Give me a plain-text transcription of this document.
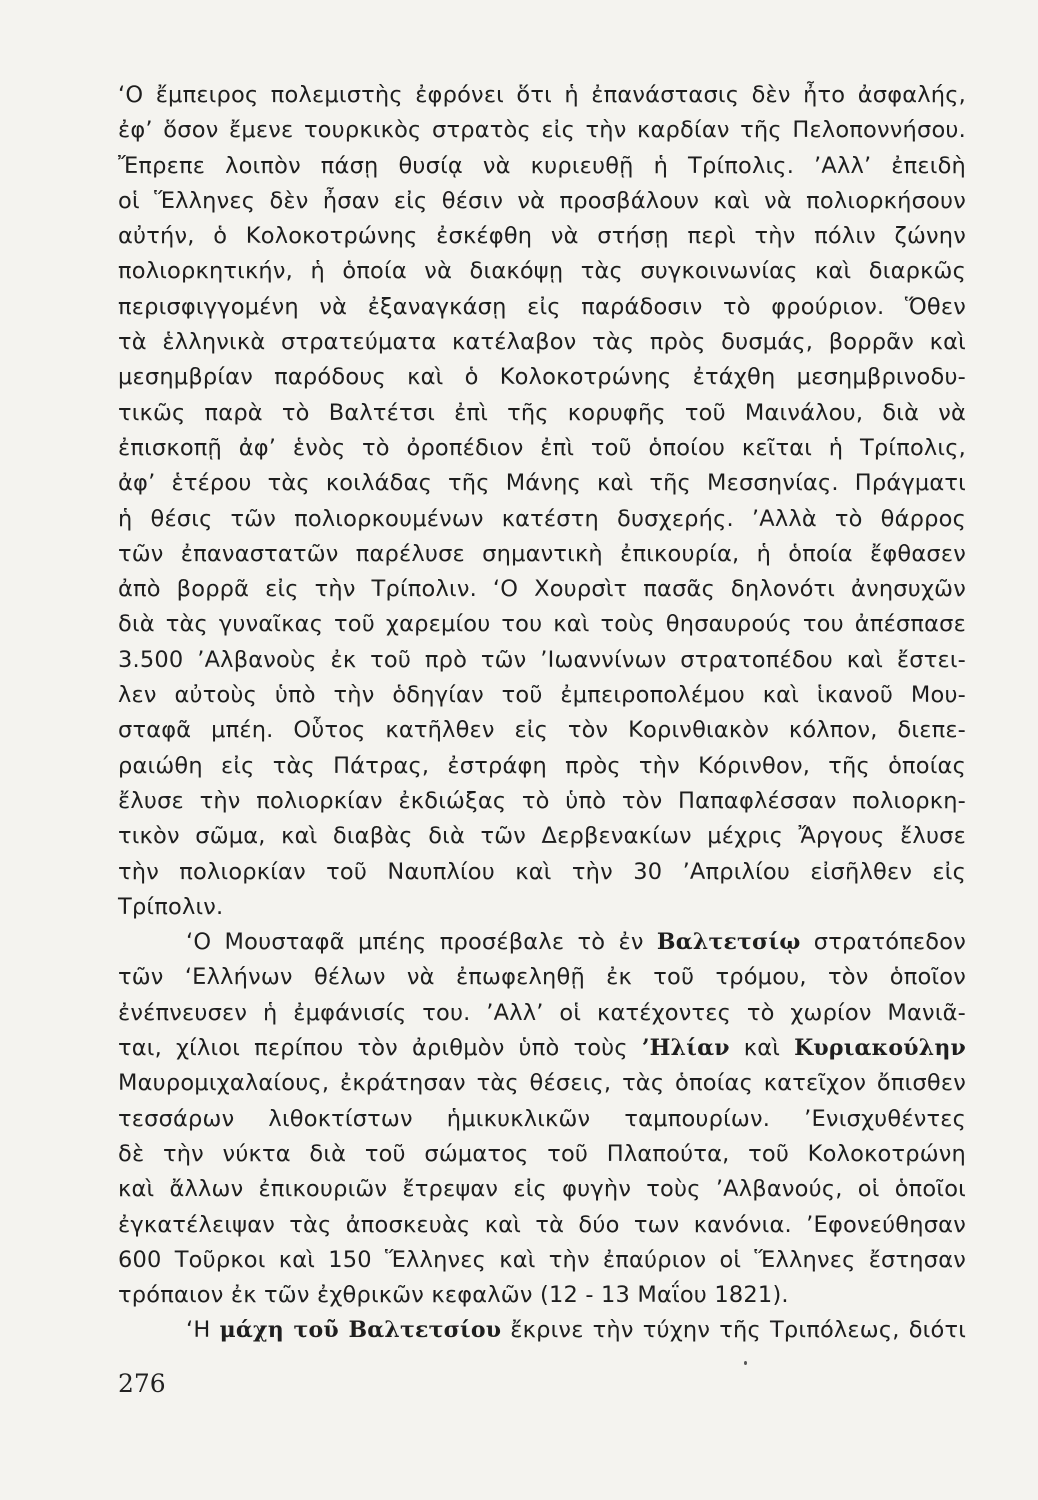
‘Ο ἔμπειρος πολεμιστὴς ἐφρόνει ὅτι ἡ ἐπανάστασις δὲν ἦτο ἀσφαλής,
ἐφ’ ὅσον ἔμενε τουρκικὸς στρατὸς εἰς τὴν καρδίαν τῆς Πελοποννήσου.
Ἔπρεπε λοιπὸν πάσῃ θυσίᾳ νὰ κυριευθῇ ἡ Τρίπολις. ’Αλλ’ ἐπειδὴ
οἱ Ἕλληνες δὲν ἦσαν εἰς θέσιν νὰ προσβάλουν καὶ νὰ πολιορκήσουν
αὐτήν, ὁ Κολοκοτρώνης ἐσκέφθη νὰ στήσῃ περὶ τὴν πόλιν ζώνην
πολιορκητικήν, ἡ ὁποία νὰ διακόψῃ τὰς συγκοινωνίας καὶ διαρκῶς
περισφιγγομένη νὰ ἐξαναγκάσῃ εἰς παράδοσιν τὸ φρούριον. Ὅθεν
τὰ ἑλληνικὰ στρατεύματα κατέλαβον τὰς πρὸς δυσμάς, βορρᾶν καὶ
μεσημβρίαν παρόδους καὶ ὁ Κολοκοτρώνης ἐτάχθη μεσημβρινοδυ-
τικῶς παρὰ τὸ Βαλτέτσι ἐπὶ τῆς κορυφῆς τοῦ Μαινάλου, διὰ νὰ
ἐπισκοπῇ ἀφ’ ἑνὸς τὸ ὀροπέδιον ἐπὶ τοῦ ὁποίου κεῖται ἡ Τρίπολις,
ἀφ’ ἑτέρου τὰς κοιλάδας τῆς Μάνης καὶ τῆς Μεσσηνίας. Πράγματι
ἡ θέσις τῶν πολιορκουμένων κατέστη δυσχερής. ’Αλλὰ τὸ θάρρος
τῶν ἐπαναστατῶν παρέλυσε σημαντικὴ ἐπικουρία, ἡ ὁποία ἔφθασεν
ἀπὸ βορρᾶ εἰς τὴν Τρίπολιν. ‘Ο Χουρσὶτ πασᾶς δηλονότι ἀνησυχῶν
διὰ τὰς γυναῖκας τοῦ χαρεμίου του καὶ τοὺς θησαυρούς του ἀπέσπασε
3.500 ’Αλβανοὺς ἐκ τοῦ πρὸ τῶν ’Ιωαννίνων στρατοπέδου καὶ ἔστει-
λεν αὐτοὺς ὑπὸ τὴν ὁδηγίαν τοῦ ἐμπειροπολέμου καὶ ἱκανοῦ Μου-
σταφᾶ μπέη. Οὗτος κατῆλθεν εἰς τὸν Κορινθιακὸν κόλπον, διεπε-
ραιώθη εἰς τὰς Πάτρας, ἐστράφη πρὸς τὴν Κόρινθον, τῆς ὁποίας
ἔλυσε τὴν πολιορκίαν ἐκδιώξας τὸ ὑπὸ τὸν Παπαφλέσσαν πολιορκη-
τικὸν σῶμα, καὶ διαβὰς διὰ τῶν Δερβενακίων μέχρις Ἄργους ἔλυσε
τὴν πολιορκίαν τοῦ Ναυπλίου καὶ τὴν 30 ’Απριλίου εἰσῆλθεν εἰς
Τρίπολιν.
‘Ο Μουσταφᾶ μπέης προσέβαλε τὸ ἐν Βαλτετσίῳ στρατόπεδον
τῶν ‘Ελλήνων θέλων νὰ ἐπωφεληθῇ ἐκ τοῦ τρόμου, τὸν ὁποῖον
ἐνέπνευσεν ἡ ἐμφάνισίς του. ’Αλλ’ οἱ κατέχοντες τὸ χωρίον Μανιᾶ-
ται, χίλιοι περίπου τὸν ἀριθμὸν ὑπὸ τοὺς ’Ηλίαν καὶ Κυριακούλην
Μαυρομιχαλαίους, ἐκράτησαν τὰς θέσεις, τὰς ὁποίας κατεῖχον ὄπισθεν
τεσσάρων λιθοκτίστων ἡμικυκλικῶν ταμπουρίων. ’Ενισχυθέντες
δὲ τὴν νύκτα διὰ τοῦ σώματος τοῦ Πλαπούτα, τοῦ Κολοκοτρώνη
καὶ ἄλλων ἐπικουριῶν ἔτρεψαν εἰς φυγὴν τοὺς ’Αλβανούς, οἱ ὁποῖοι
ἐγκατέλειψαν τὰς ἀποσκευὰς καὶ τὰ δύο των κανόνια. ’Εφονεύθησαν
600 Τοῦρκοι καὶ 150 Ἕλληνες καὶ τὴν ἐπαύριον οἱ Ἕλληνες ἔστησαν
τρόπαιον ἐκ τῶν ἐχθρικῶν κεφαλῶν (12 - 13 Μαΐου 1821).
‘Η μάχη τοῦ Βαλτετσίου ἔκρινε τὴν τύχην τῆς Τριπόλεως, διότι
276
